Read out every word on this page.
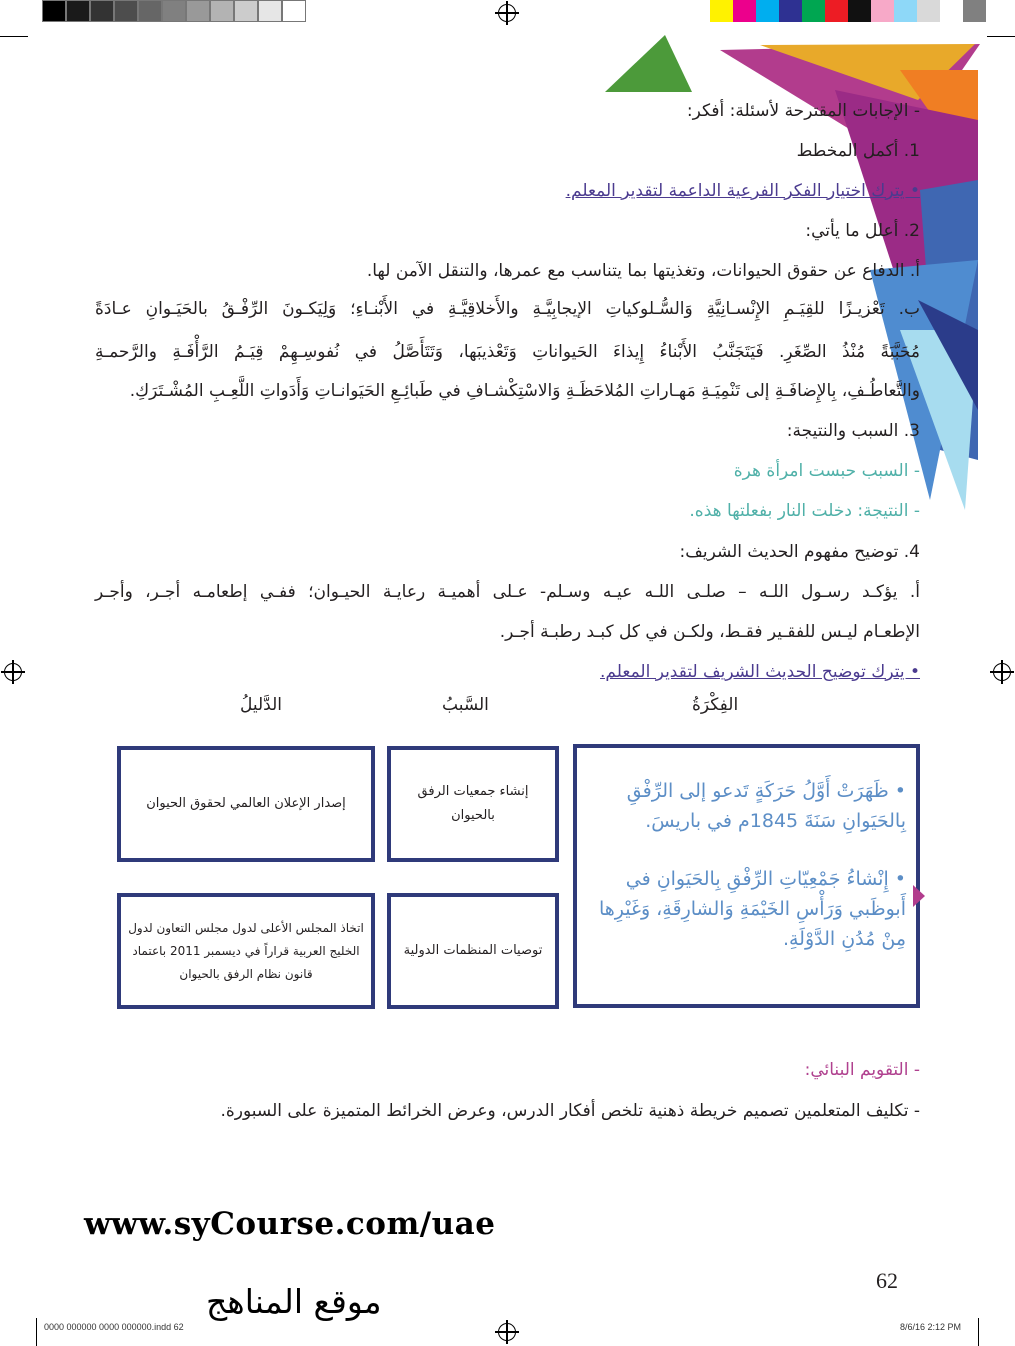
- الإجابات المقترحة لأسئلة: أفكر:
1. أكمل المخطط
• يترك اختيار الفكر الفرعية الداعمة لتقدير المعلم.
2. أعلل ما يأتي:
أ. الدفاع عن حقوق الحيوانات، وتغذيتها بما يتناسب مع عمرها، والتنقل الآمن لها.
ب. تَعْزيـزًا للقِيَـمِ الإِنْسـانِيَّةِ وَالسُّـلوكياتِ الإيجابِيَّـةِ والأَخلاقِيَّـةِ في الأَبْنـاءِ؛ وَلِيَكـونَ الرِّفْـقُ بالحَيَـوانِ عـادَةً
مُحَبَّبَةً مُنْذُ الصِّغَرِ. فَيَتَجَنَّبُ الأَبْناءُ إِيذاءَ الحَيواناتِ وَتَعْذيبَها، وَتَتَأَصَّلُ في نُفوسِـهِمْ قِيَـمُ الرَّأْفَـةِ والرَّحمـةِ
والتَّعاطُـفِ، بِالإِضافَـةِ إلى تَنْمِيَـةِ مَهـاراتِ المُلاحَظَـةِ وَالاسْتِكْشـافِ في طَبائِـعِ الحَيَوانـاتِ وَأَدَواتِ اللَّعِـبِ المُشْـتَرَكِ.
3. السبب والنتيجة:
- السبب حبست امرأة هرة
- النتيجة: دخلت النار بفعلتها هذه.
4. توضيح مفهوم الحديث الشريف:
أ. يؤكـد رسـول اللـه – صلـى اللـه عيـه وسـلم- عـلى أهميـة رعايـة الحيـوان؛ ففـي إطعامـه أجـر، وأجـر
الإطعـام ليـس للفقـير فقـط، ولكـن في كل كبـد رطبـة أجـر.
• يترك توضيح الحديث الشريف لتقدير المعلم.
الفِكْرَةُ
السَّببُ
الدَّليلُ

• ظَهَرَتْ أَوَّلُ حَرَكَةٍ تَدعو إلى الرِّفْقِ بِالحَيَوانِ سَنَةَ 1845م في باريسَ.

• إِنْشاءُ جَمْعِيّاتِ الرِّفْقِ بِالحَيَوانِ في أَبوظَبي وَرَأْسِ الخَيْمَةِ وَالشارِقَةِ، وَغَيْرِها مِنْ مُدُنِ الدَّوْلَةِ.

إنشاء جمعيات الرفق بالحيوان
إصدار الإعلان العالمي لحقوق الحيوان
توصيات المنظمات الدولية
اتخاذ المجلس الأعلى لدول مجلس التعاون لدول الخليج العربية قراراً في ديسمبر 2011 باعتماد قانون نظام الرفق بالحيوان
- التقويم البنائي:
- تكليف المتعلمين تصميم خريطة ذهنية تلخص أفكار الدرس، وعرض الخرائط المتميزة على السبورة.
www.syCourse.com/uae
62
موقع المناهج
0000 000000 0000 000000.indd 62	8/6/16 2:12 PM
